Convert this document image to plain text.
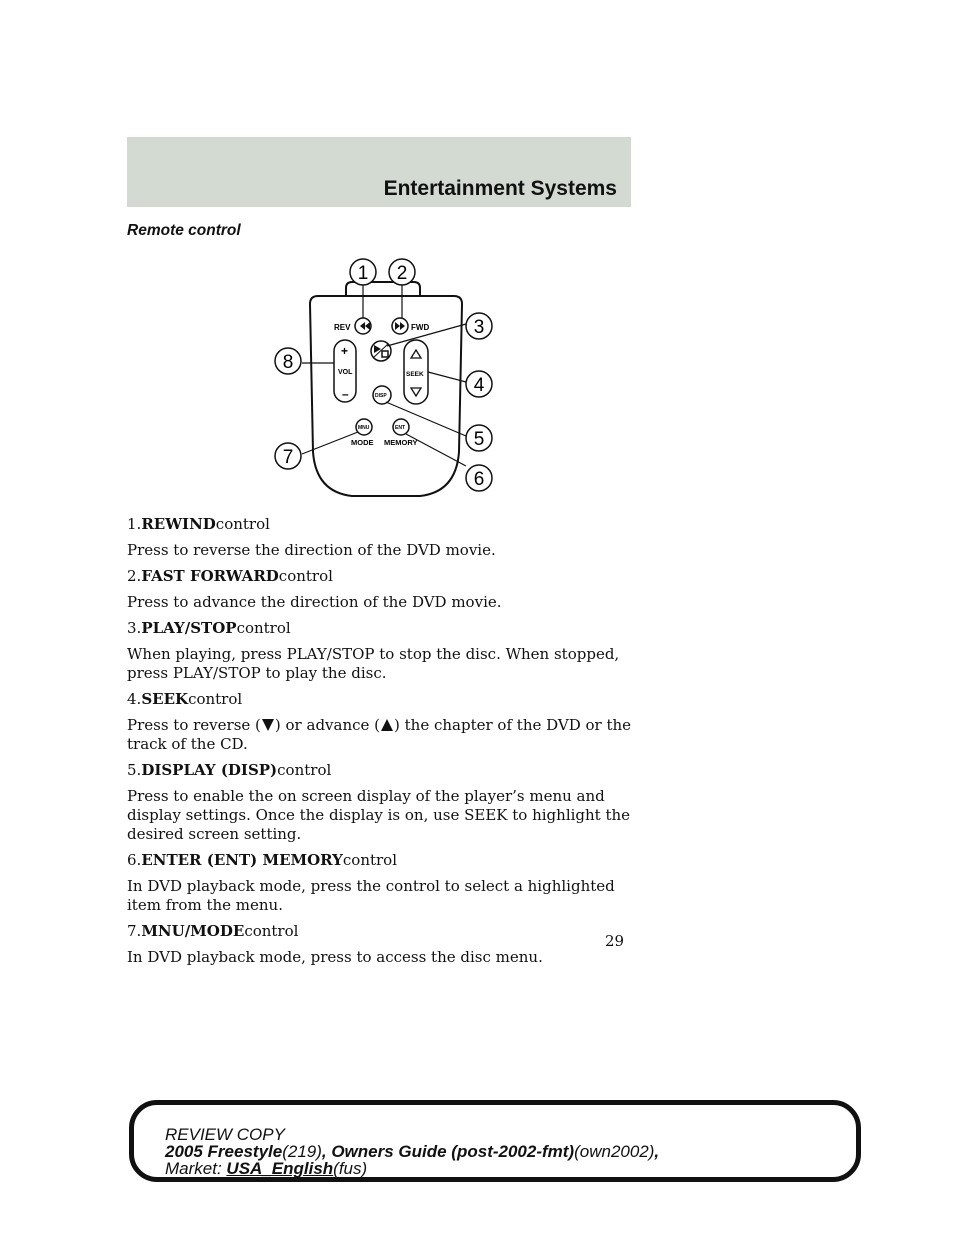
Entertainment Systems
Remote control
REV	FWD
+
VOL
–
SEEK
DISP
MNU
MODE
ENT
MEMORY
1 2
3
4
5
6
7
8

1.REWINDcontrol

Press to reverse the direction of the DVD movie.

2.FAST FORWARDcontrol

Press to advance the direction of the DVD movie.

3.PLAY/STOPcontrol

When playing, press PLAY/STOP to stop the disc. When stopped, press PLAY/STOP to play the disc.

4.SEEKcontrol

Press to reverse ( ) or advance ( ) the chapter of the DVD or the track of the CD.

5.DISPLAY (DISP)control

Press to enable the on screen display of the player’s menu and display settings. Once the display is on, use SEEK to highlight the desired screen setting.

6.ENTER (ENT) MEMORYcontrol

In DVD playback mode, press the control to select a highlighted item from the menu.

7.MNU/MODEcontrol

In DVD playback mode, press to access the disc menu.

29
REVIEW COPY
2005 Freestyle(219), Owners Guide (post-2002-fmt)(own2002),
Market: USA_English(fus)
